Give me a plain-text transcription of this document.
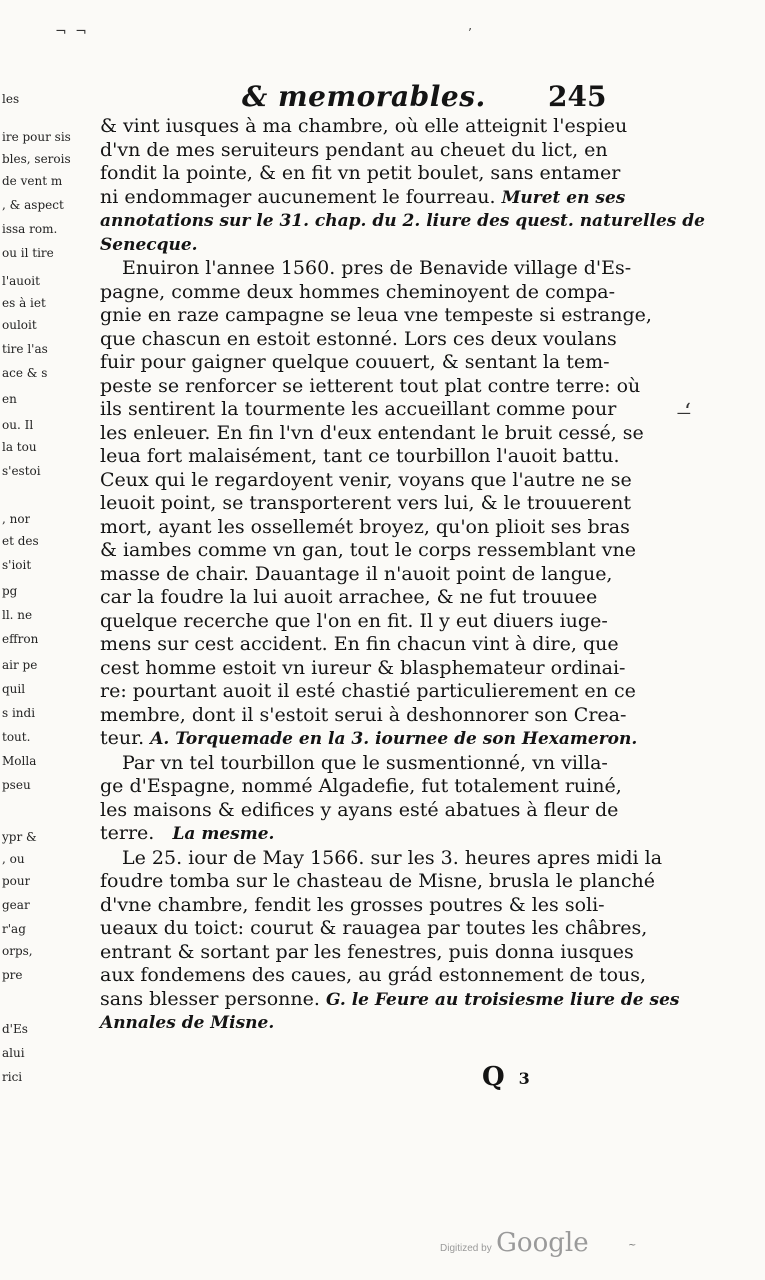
¬ ¬	’
& memorables. 245
les
ire pour sis
bles, serois
de vent m
, & aspect
issa rom.
ou il tire
l'auoit
es à iet
ouloit
tire l'as
ace & s
en
ou. Il
la tou
s'estoi
, nor
et des
s'ioit
pg
ll. ne
effron
air pe
quil
s indi
tout.
Molla
pseu
ypr &
, ou
pour
gear
r'ag
orps,
pre
d'Es
alui
rici
& vint iusques à ma chambre, où elle atteignit l'espieu
d'vn de mes seruiteurs pendant au cheuet du lict, en
fondit la pointe, & en fit vn petit boulet, sans entamer
ni endommager aucunement le fourreau. Muret en ses
annotations sur le 31. chap. du 2. liure des quest. naturelles de
Senecque.
Enuiron l'annee 1560. pres de Benavide village d'Es-
pagne, comme deux hommes cheminoyent de compa-
gnie en raze campagne se leua vne tempeste si estrange,
que chascun en estoit estonné. Lors ces deux voulans
fuir pour gaigner quelque couuert, & sentant la tem-
peste se renforcer se ietterent tout plat contre terre: où
ils sentirent la tourmente les accueillant comme pour
les enleuer. En fin l'vn d'eux entendant le bruit cessé, se
leua fort malaisément, tant ce tourbillon l'auoit battu.
Ceux qui le regardoyent venir, voyans que l'autre ne se
leuoit point, se transporterent vers lui, & le trouuerent
mort, ayant les ossellemét broyez, qu'on plioit ses bras
& iambes comme vn gan, tout le corps ressemblant vne
masse de chair. Dauantage il n'auoit point de langue,
car la foudre la lui auoit arrachee, & ne fut trouuee
quelque recerche que l'on en fit. Il y eut diuers iuge-
mens sur cest accident. En fin chacun vint à dire, que
cest homme estoit vn iureur & blasphemateur ordinai-
re: pourtant auoit il esté chastié particulierement en ce
membre, dont il s'estoit serui à deshonnorer son Crea-
teur. A. Torquemade en la 3. iournee de son Hexameron.
Par vn tel tourbillon que le susmentionné, vn villa-
ge d'Espagne, nommé Algadefie, fut totalement ruiné,
les maisons & edifices y ayans esté abatues à fleur de
terre. La mesme.
Le 25. iour de May 1566. sur les 3. heures apres midi la
foudre tomba sur le chasteau de Misne, brusla le planché
d'vne chambre, fendit les grosses poutres & les soli-
ueaux du toict: courut & rauagea par toutes les châbres,
entrant & sortant par les fenestres, puis donna iusques
aux fondemens des caues, au grád estonnement de tous,
sans blesser personne. G. le Feure au troisiesme liure de ses
Annales de Misne.
‘̶
Q 3
Digitized by Google	~
